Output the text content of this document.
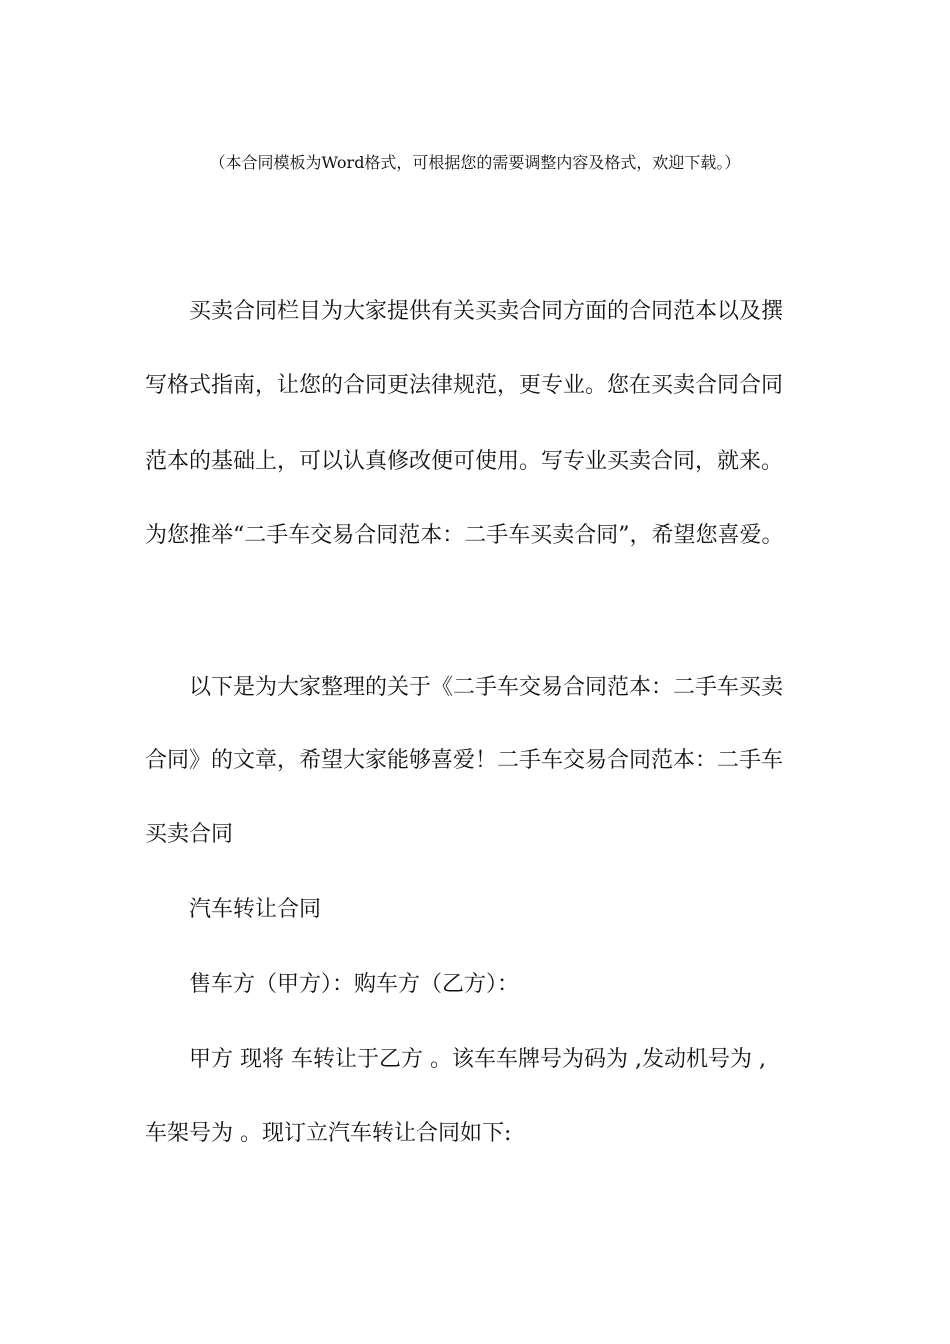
（本合同模板为Word格式，可根据您的需要调整内容及格式，欢迎下载。）
买卖合同栏目为大家提供有关买卖合同方面的合同范本以及撰
写格式指南，让您的合同更法律规范，更专业。您在买卖合同合同
范本的基础上，可以认真修改便可使用。写专业买卖合同，就来。
为您推举“二手车交易合同范本：二手车买卖合同”，希望您喜爱。
以下是为大家整理的关于《二手车交易合同范本：二手车买卖
合同》的文章，希望大家能够喜爱！二手车交易合同范本：二手车
买卖合同
汽车转让合同
售车方（甲方）：购车方（乙方）：
甲方 现将 车转让于乙方 。该车车牌号为码为 ,发动机号为 ,
车架号为 。现订立汽车转让合同如下:
